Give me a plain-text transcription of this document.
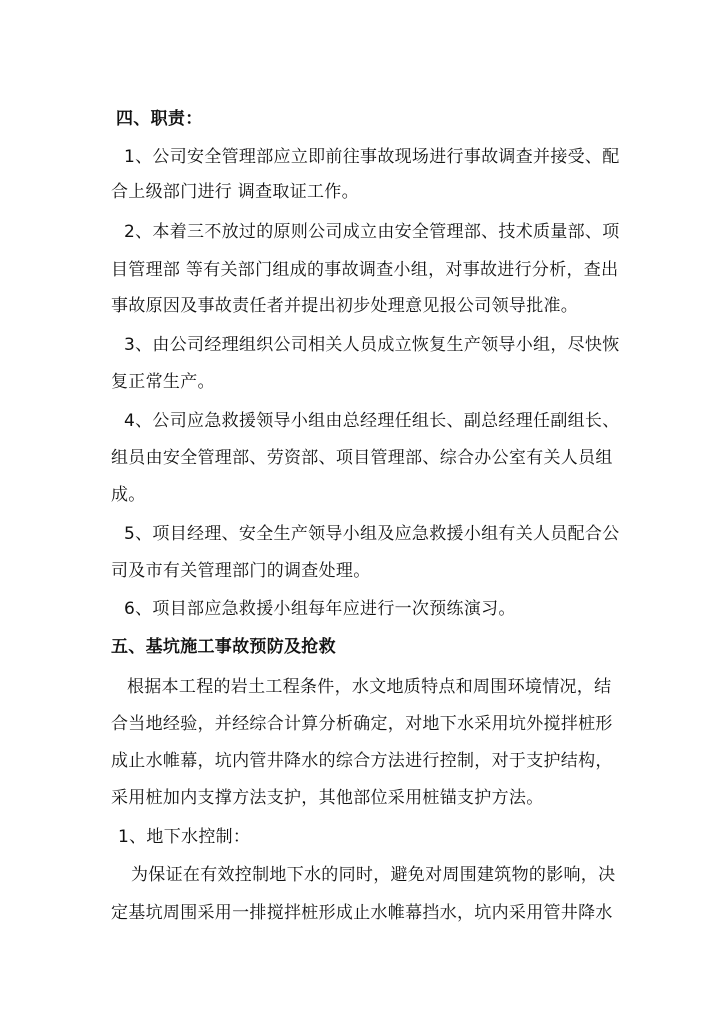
四、职责：
1、公司安全管理部应立即前往事故现场进行事故调查并接受、配
合上级部门进行 调查取证工作。
2、本着三不放过的原则公司成立由安全管理部、技术质量部、项
目管理部 等有关部门组成的事故调查小组，对事故进行分析，查出
事故原因及事故责任者并提出初步处理意见报公司领导批准。
3、由公司经理组织公司相关人员成立恢复生产领导小组，尽快恢
复正常生产。
4、公司应急救援领导小组由总经理任组长、副总经理任副组长、
组员由安全管理部、劳资部、项目管理部、综合办公室有关人员组
成。
5、项目经理、安全生产领导小组及应急救援小组有关人员配合公
司及市有关管理部门的调查处理。
6、项目部应急救援小组每年应进行一次预练演习。
五、基坑施工事故预防及抢救
根据本工程的岩土工程条件，水文地质特点和周围环境情况，结
合当地经验，并经综合计算分析确定，对地下水采用坑外搅拌桩形
成止水帷幕，坑内管井降水的综合方法进行控制，对于支护结构，
采用桩加内支撑方法支护，其他部位采用桩锚支护方法。
1、地下水控制：
为保证在有效控制地下水的同时，避免对周围建筑物的影响，决
定基坑周围采用一排搅拌桩形成止水帷幕挡水，坑内采用管井降水
